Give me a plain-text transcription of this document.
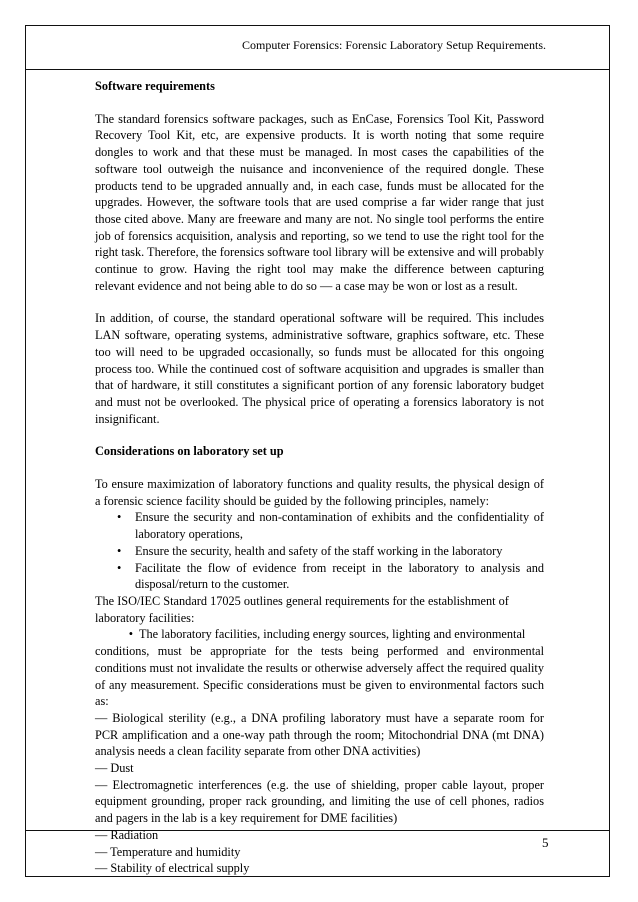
Computer Forensics: Forensic Laboratory Setup Requirements.

Software requirements

The standard forensics software packages, such as EnCase, Forensics Tool Kit, Password Recovery Tool Kit, etc, are expensive products. It is worth noting that some require dongles to work and that these must be managed. In most cases the capabilities of the software tool outweigh the nuisance and inconvenience of the required dongle. These products tend to be upgraded annually and, in each case, funds must be allocated for the upgrades. However, the software tools that are used comprise a far wider range that just those cited above. Many are freeware and many are not. No single tool performs the entire job of forensics acquisition, analysis and reporting, so we tend to use the right tool for the right task. Therefore, the forensics software tool library will be extensive and will probably continue to grow. Having the right tool may make the difference between capturing relevant evidence and not being able to do so — a case may be won or lost as a result.

In addition, of course, the standard operational software will be required. This includes LAN software, operating systems, administrative software, graphics software, etc. These too will need to be upgraded occasionally, so funds must be allocated for this ongoing process too. While the continued cost of software acquisition and upgrades is smaller than that of hardware, it still constitutes a significant portion of any forensic laboratory budget and must not be overlooked. The physical price of operating a forensics laboratory is not insignificant.

Considerations on laboratory set up

To ensure maximization of laboratory functions and quality results, the physical design of a forensic science facility should be guided by the following principles, namely:

• Ensure the security and non-contamination of exhibits and the confidentiality of laboratory operations,
• Ensure the security, health and safety of the staff working in the laboratory
• Facilitate the flow of evidence from receipt in the laboratory to analysis and disposal/return to the customer.

The ISO/IEC Standard 17025 outlines general requirements for the establishment of laboratory facilities:

• The laboratory facilities, including energy sources, lighting and environmental

conditions, must be appropriate for the tests being performed and environmental conditions must not invalidate the results or otherwise adversely affect the required quality of any measurement. Specific considerations must be given to environmental factors such as:

— Biological sterility (e.g., a DNA profiling laboratory must have a separate room for PCR amplification and a one-way path through the room; Mitochondrial DNA (mt DNA) analysis needs a clean facility separate from other DNA activities)

— Dust

— Electromagnetic interferences (e.g. the use of shielding, proper cable layout, proper equipment grounding, proper rack grounding, and limiting the use of cell phones, radios and pagers in the lab is a key requirement for DME facilities)

— Radiation

— Temperature and humidity

— Stability of electrical supply

5
